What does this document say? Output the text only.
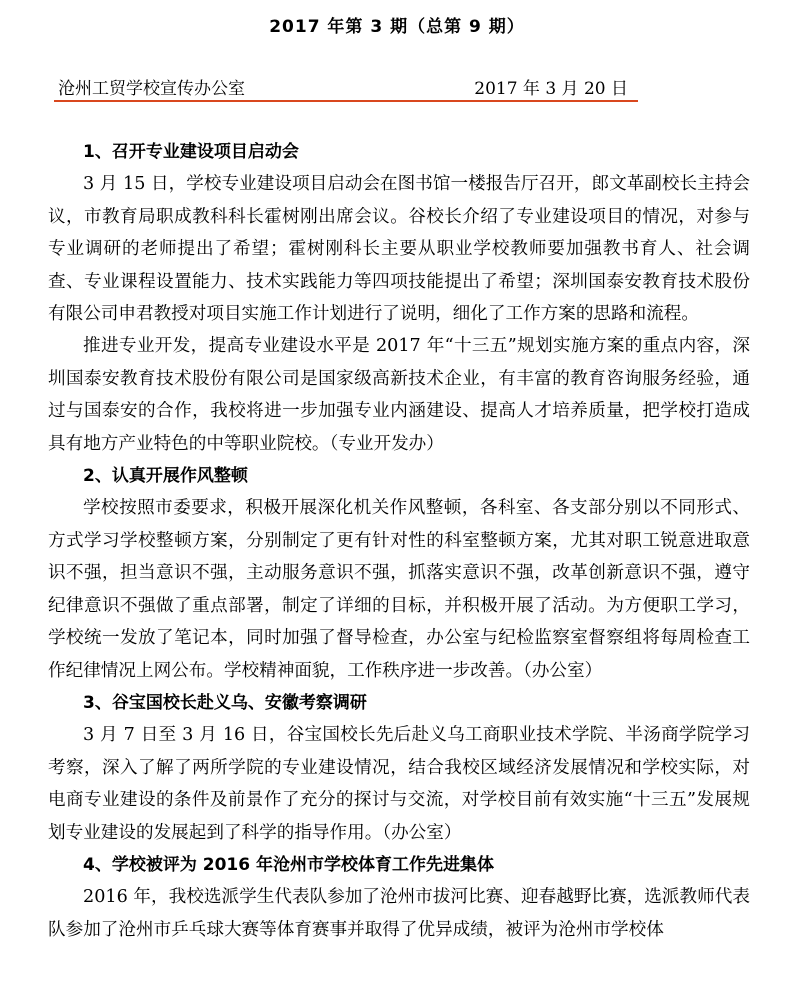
2017 年第 3 期（总第 9 期）
沧州工贸学校宣传办公室	2017 年 3 月 20 日

1、召开专业建设项目启动会

3 月 15 日，学校专业建设项目启动会在图书馆一楼报告厅召开，郎文革副校长主持会议，市教育局职成教科科长霍树刚出席会议。谷校长介绍了专业建设项目的情况，对参与专业调研的老师提出了希望；霍树刚科长主要从职业学校教师要加强教书育人、社会调查、专业课程设置能力、技术实践能力等四项技能提出了希望；深圳国泰安教育技术股份有限公司申君教授对项目实施工作计划进行了说明，细化了工作方案的思路和流程。

推进专业开发，提高专业建设水平是 2017 年“十三五”规划实施方案的重点内容，深圳国泰安教育技术股份有限公司是国家级高新技术企业，有丰富的教育咨询服务经验，通过与国泰安的合作，我校将进一步加强专业内涵建设、提高人才培养质量，把学校打造成具有地方产业特色的中等职业院校。（专业开发办）

2、认真开展作风整顿

学校按照市委要求，积极开展深化机关作风整顿，各科室、各支部分别以不同形式、方式学习学校整顿方案，分别制定了更有针对性的科室整顿方案，尤其对职工锐意进取意识不强，担当意识不强，主动服务意识不强，抓落实意识不强，改革创新意识不强，遵守纪律意识不强做了重点部署，制定了详细的目标，并积极开展了活动。为方便职工学习，学校统一发放了笔记本，同时加强了督导检查，办公室与纪检监察室督察组将每周检查工作纪律情况上网公布。学校精神面貌，工作秩序进一步改善。（办公室）

3、谷宝国校长赴义乌、安徽考察调研

3 月 7 日至 3 月 16 日，谷宝国校长先后赴义乌工商职业技术学院、半汤商学院学习考察，深入了解了两所学院的专业建设情况，结合我校区域经济发展情况和学校实际，对电商专业建设的条件及前景作了充分的探讨与交流，对学校目前有效实施“十三五”发展规划专业建设的发展起到了科学的指导作用。（办公室）

4、学校被评为 2016 年沧州市学校体育工作先进集体

2016 年，我校选派学生代表队参加了沧州市拔河比赛、迎春越野比赛，选派教师代表队参加了沧州市乒乓球大赛等体育赛事并取得了优异成绩，被评为沧州市学校体
